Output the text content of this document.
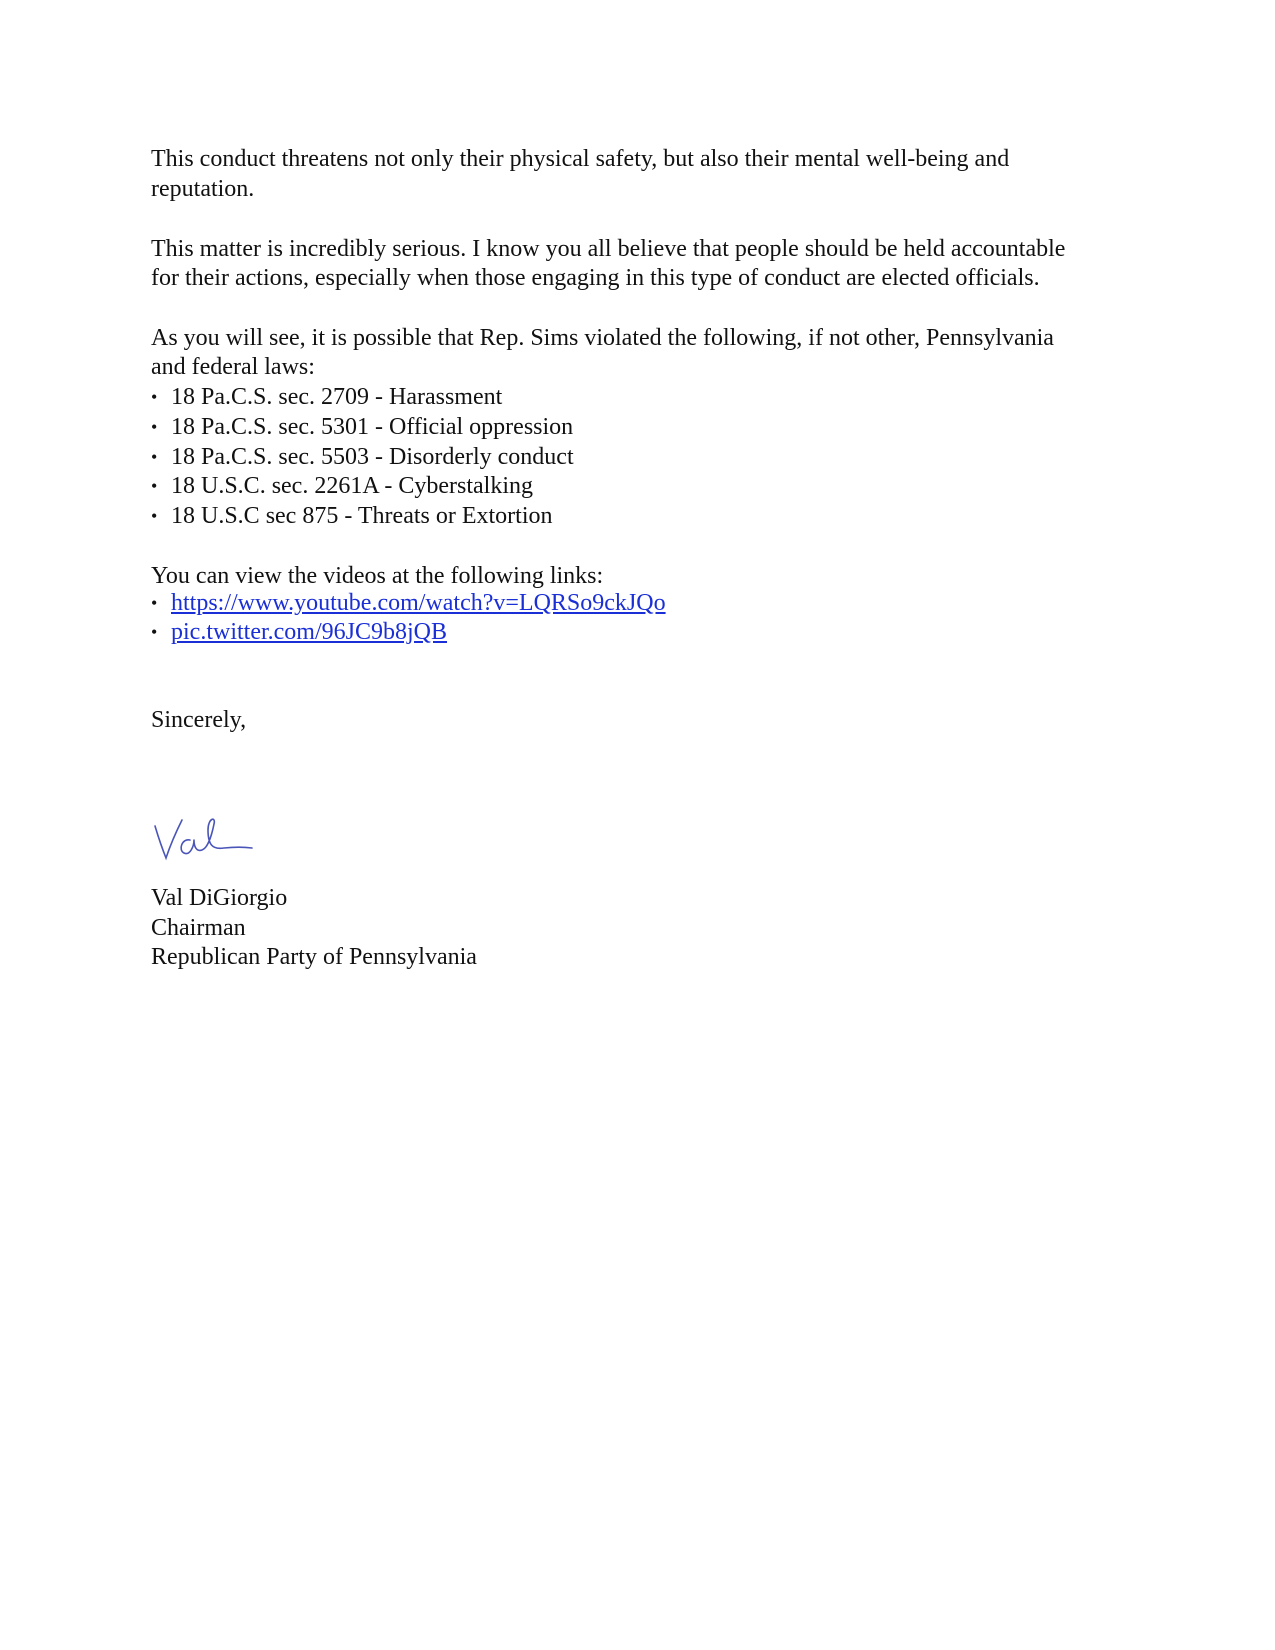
This conduct threatens not only their physical safety, but also their mental well-being and

reputation.

This matter is incredibly serious. I know you all believe that people should be held accountable

for their actions, especially when those engaging in this type of conduct are elected officials.

As you will see, it is possible that Rep. Sims violated the following, if not other, Pennsylvania

and federal laws:

• 18 Pa.C.S. sec. 2709 - Harassment
• 18 Pa.C.S. sec. 5301 - Official oppression
• 18 Pa.C.S. sec. 5503 - Disorderly conduct
• 18 U.S.C. sec. 2261A - Cyberstalking
• 18 U.S.C sec 875 - Threats or Extortion

You can view the videos at the following links:

• https://www.youtube.com/watch?v=LQRSo9ckJQo
• pic.twitter.com/96JC9b8jQB

Sincerely,

Val DiGiorgio

Chairman

Republican Party of Pennsylvania
